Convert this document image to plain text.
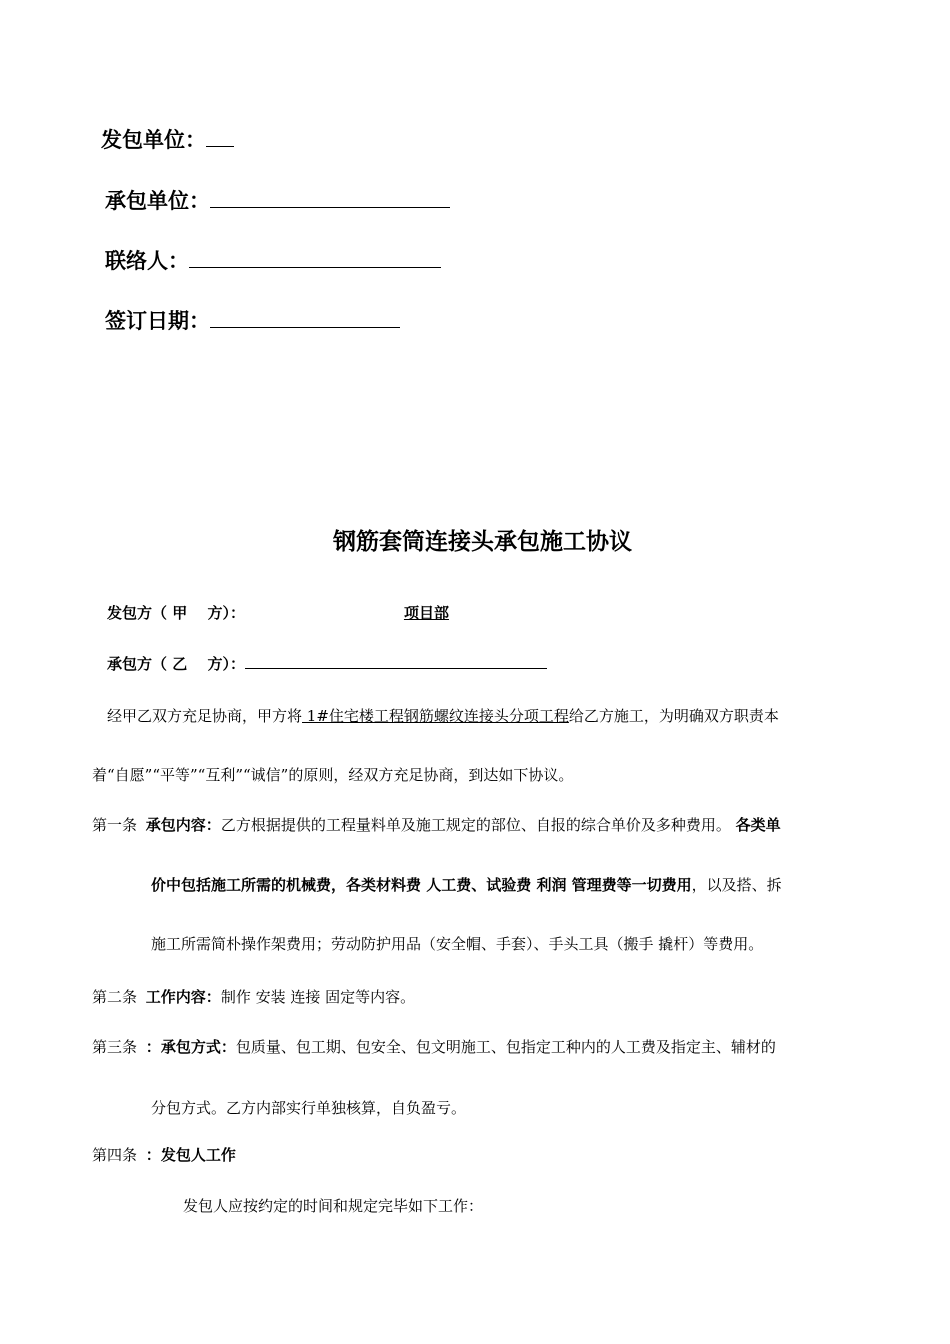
发包单位：
承包单位：
联络人：
签订日期：
钢筋套筒连接头承包施工协议
发包方（ 甲　 方）：	项目部
承包方（ 乙　 方）：
经甲乙双方充足协商，甲方将 1#住宅楼工程钢筋螺纹连接头分项工程给乙方施工，为明确双方职责本
着“自愿”“平等”“互利”“诚信”的原则，经双方充足协商，到达如下协议。
第一条 承包内容：乙方根据提供的工程量料单及施工规定的部位、自报的综合单价及多种费用。 各类单
价中包括施工所需的机械费，各类材料费 人工费、试验费 利润 管理费等一切费用，以及搭、拆
施工所需简朴操作架费用；劳动防护用品（安全帽、手套）、手头工具（搬手 撬杆）等费用。
第二条 工作内容：制作 安装 连接 固定等内容。
第三条 ：承包方式：包质量、包工期、包安全、包文明施工、包指定工种内的人工费及指定主、辅材的
分包方式。乙方内部实行单独核算，自负盈亏。
第四条 ：发包人工作
发包人应按约定的时间和规定完毕如下工作：
